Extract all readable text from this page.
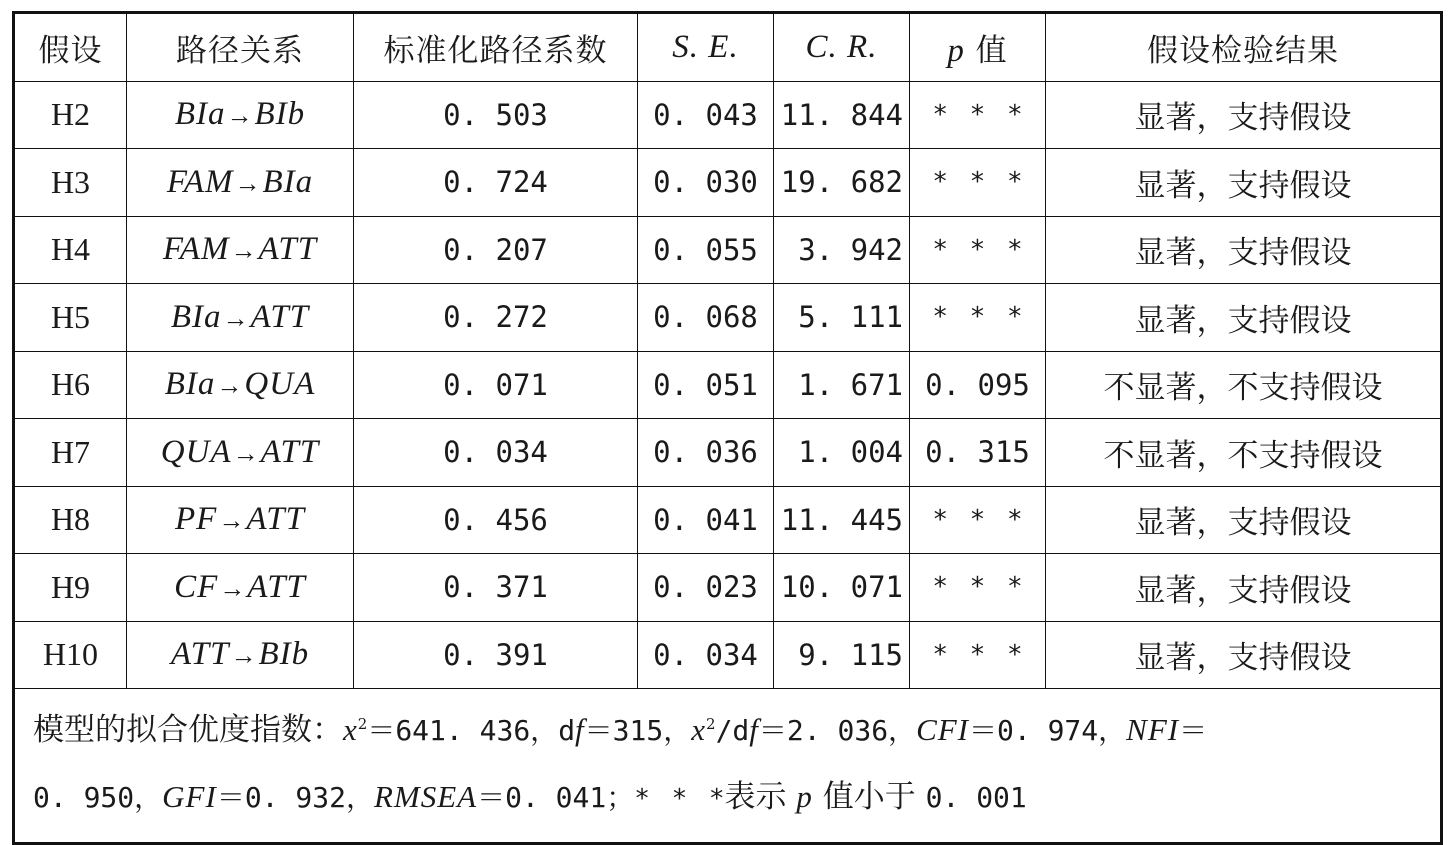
假设	路径关系	标准化路径系数	S. E.	C. R.	p 值	假设检验结果
H2	BIa→BIb	0. 503	0. 043	11. 844	* * *	显著，支持假设
H3	FAM→BIa	0. 724	0. 030	19. 682	* * *	显著，支持假设
H4	FAM→ATT	0. 207	0. 055	3. 942	* * *	显著，支持假设
H5	BIa→ATT	0. 272	0. 068	5. 111	* * *	显著，支持假设
H6	BIa→QUA	0. 071	0. 051	1. 671	0. 095	不显著，不支持假设
H7	QUA→ATT	0. 034	0. 036	1. 004	0. 315	不显著，不支持假设
H8	PF→ATT	0. 456	0. 041	11. 445	* * *	显著，支持假设
H9	CF→ATT	0. 371	0. 023	10. 071	* * *	显著，支持假设
H10	ATT→BIb	0. 391	0. 034	9. 115	* * *	显著，支持假设
模型的拟合优度指数：$x^2=641$. 436，df＝315，$x^2/df=2$. 036，CFI＝0. 974，NFI＝
0. 950，GFI＝0. 932，RMSEA＝0. 041；* * *表示 p 值小于 0. 001						
